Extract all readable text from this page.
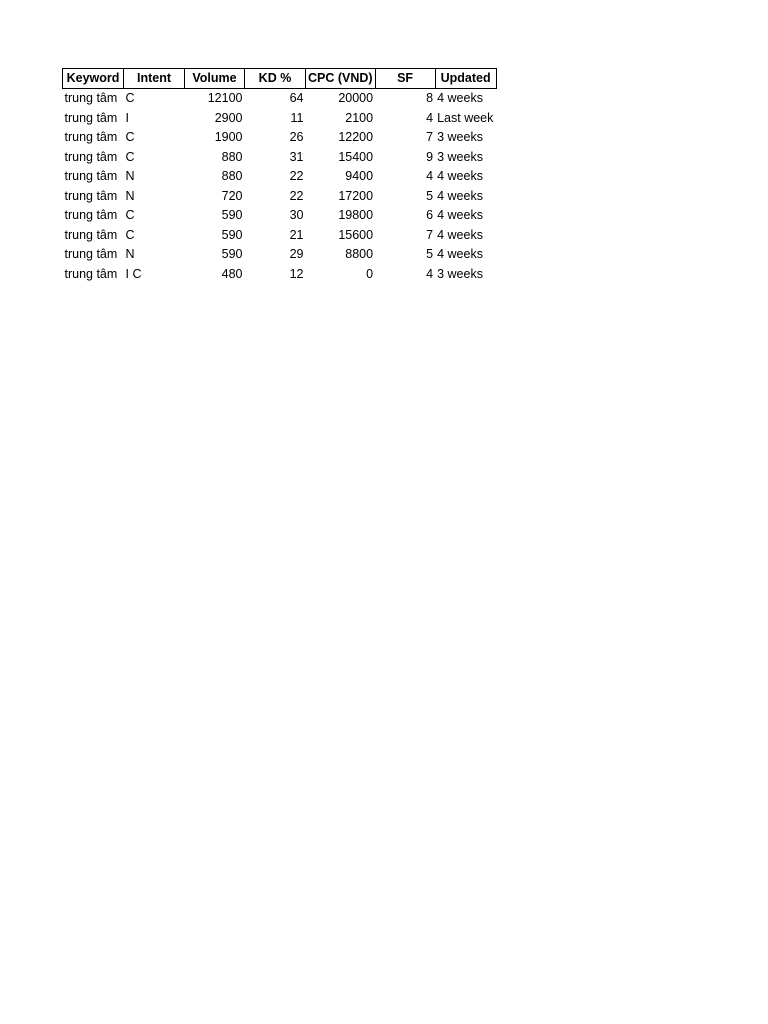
Keyword	Intent	Volume	KD %	CPC (VND)	SF	Updated
trung tâm	C	12100	64	20000	8	4 weeks
trung tâm	I	2900	11	2100	4	Last week
trung tâm	C	1900	26	12200	7	3 weeks
trung tâm	C	880	31	15400	9	3 weeks
trung tâm	N	880	22	9400	4	4 weeks
trung tâm	N	720	22	17200	5	4 weeks
trung tâm	C	590	30	19800	6	4 weeks
trung tâm	C	590	21	15600	7	4 weeks
trung tâm	N	590	29	8800	5	4 weeks
trung tâm	I C	480	12	0	4	3 weeks
